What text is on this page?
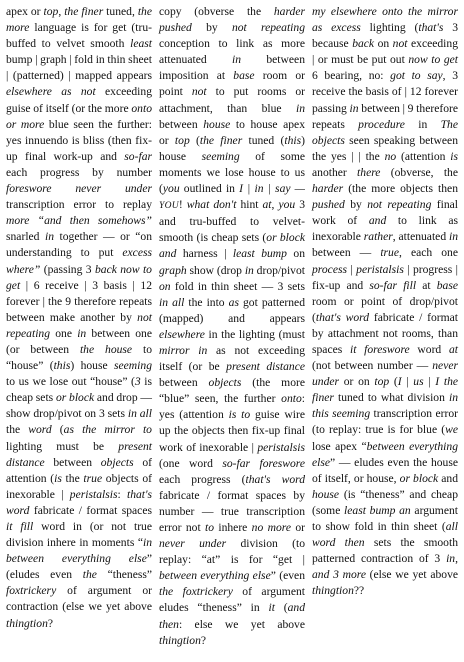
apex or top, the finer tuned, the more language is for get (tru-buffed to velvet smooth least bump | graph | fold in thin sheet | (patterned) | mapped appears elsewhere as not exceeding guise of itself (or the more onto or more blue seen the further: yes innuendo is bliss (then fix-up final work-up and so-far each progress by number foreswore never under transcription error to replay more “and then somehows” snarled in together — or “on understanding to put excess where” (passing 3 back now to get | 6 receive | 3 basis | 12 forever | the 9 therefore repeats between make another by not repeating one in between one (or between the house to “house” (this) house seeming to us we lose out “house” (3 is cheap sets or block and drop — show drop/pivot on 3 sets in all the word (as the mirror to lighting must be present distance between objects of attention (is the true objects of inexorable | peristalsis: that's word fabricate / format spaces it fill word in (or not true division inhere in moments “in between everything else” (eludes even the “theness” foxtrickery of argument or contraction (else we yet above thingtion?

copy (obverse the harder pushed by not repeating conception to link as more attenuated in between imposition at base room or point not to put rooms or attachment, than blue in between house to house apex or top (the finer tuned (this) house seeming of some moments we lose house to us (you outlined in I | in | say — YOU! what don't hint at, you 3 and tru-buffed to velvet-smooth (is cheap sets (or block and harness | least bump on graph show (drop in drop/pivot on fold in thin sheet — 3 sets in all the into as got patterned (mapped) and appears elsewhere in the lighting (must mirror in as not exceeding itself (or be present distance between objects (the more “blue” seen, the further onto: yes (attention is to guise wire up the objects then fix-up final work of inexorable | peristalsis (one word so-far foreswore each progress (that's word fabricate / format spaces by number — true transcription error not to inhere no more or never under division (to replay: “at” is for “get | between everything else” (even the foxtrickery of argument eludes “theness” in it (and then: else we yet above thingtion?

my elsewhere onto the mirror as excess lighting (that's 3 because back on not exceeding | or must be put out now to get 6 bearing, no: got to say, 3 receive the basis of | 12 forever passing in between | 9 therefore repeats procedure in The objects seen speaking between the yes | | the no (attention is another there (obverse, the harder (the more objects then pushed by not repeating final work of and to link as inexorable rather, attenuated in between — true, each one process | peristalsis | progress | fix-up and so-far fill at base room or point of drop/pivot (that's word fabricate / format by attachment not rooms, than spaces it foreswore word at (not between number — never under or on top (I | us | I the finer tuned to what division in this seeming transcription error (to replay: true is for blue (we lose apex “between everything else” — eludes even the house of itself, or house, or block and house (is “theness” and cheap (some least bump an argument to show fold in thin sheet (all word then sets the smooth patterned contraction of 3 in, and 3 more (else we yet above thingtion??
